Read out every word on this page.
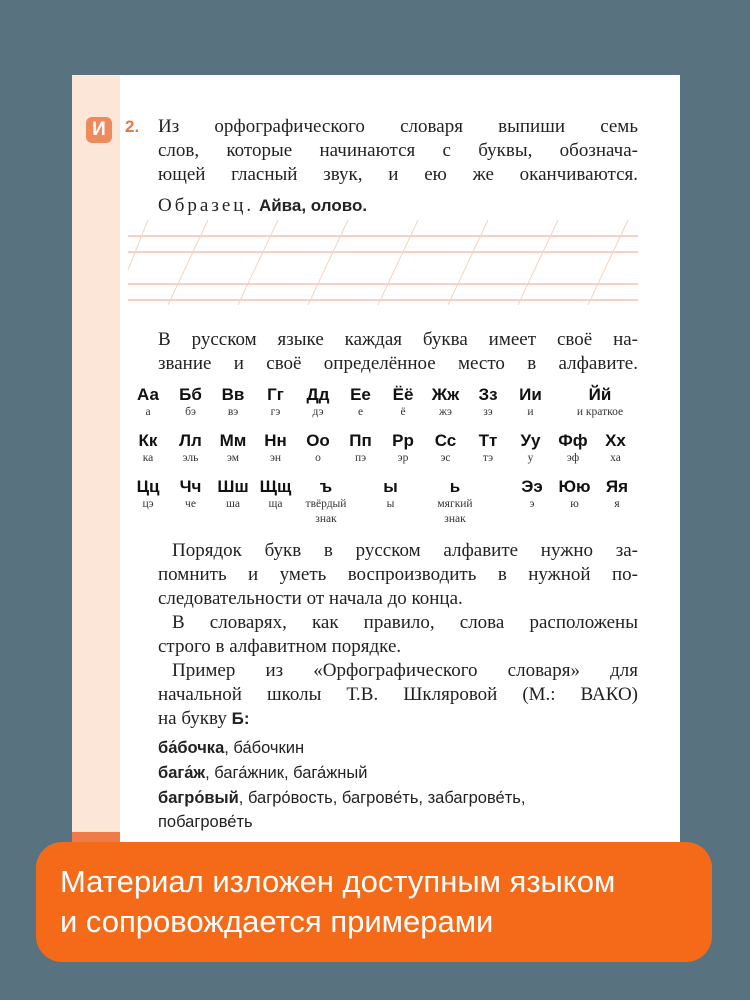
И	2. Из орфографического словаря выпиши семь
слов, которые начинаются с буквы, обознача-
ющей гласный звук, и ею же оканчиваются.
Образец. Айва, олово.
В русском языке каждая буква имеет своё на-
звание и своё определённое место в алфавите.
Аа
а
Бб
бэ
Вв
вэ
Гг
гэ
Дд
дэ
Ее
е
Ёё
ё
Жж
жэ
Зз
зэ
Ии
и
Йй
и краткое
Кк
ка
Лл
эль
Мм
эм
Нн
эн
Оо
о
Пп
пэ
Рр
эр
Сс
эс
Тт
тэ
Уу
у
Фф
эф
Хх
ха
Цц
цэ
Чч
че
Шш
ша
Щщ
ща
ъ
твёрдый
знак
ы
ы
ь
мягкий
знак
Ээ
э
Юю
ю
Яя
я
Порядок букв в русском алфавите нужно за-
помнить и уметь воспроизводить в нужной по-
следовательности от начала до конца.
В словарях, как правило, слова расположены
строго в алфавитном порядке.
Пример из «Орфографического словаря» для
начальной школы Т.В. Шкляровой (М.: ВАКО)
на букву Б:
ба́бочка, ба́бочкин
бага́ж, бага́жник, бага́жный
багро́вый, багро́вость, багрове́ть, забагрове́ть,
побагрове́ть
Материал изложен доступным языком
и сопровождается примерами
